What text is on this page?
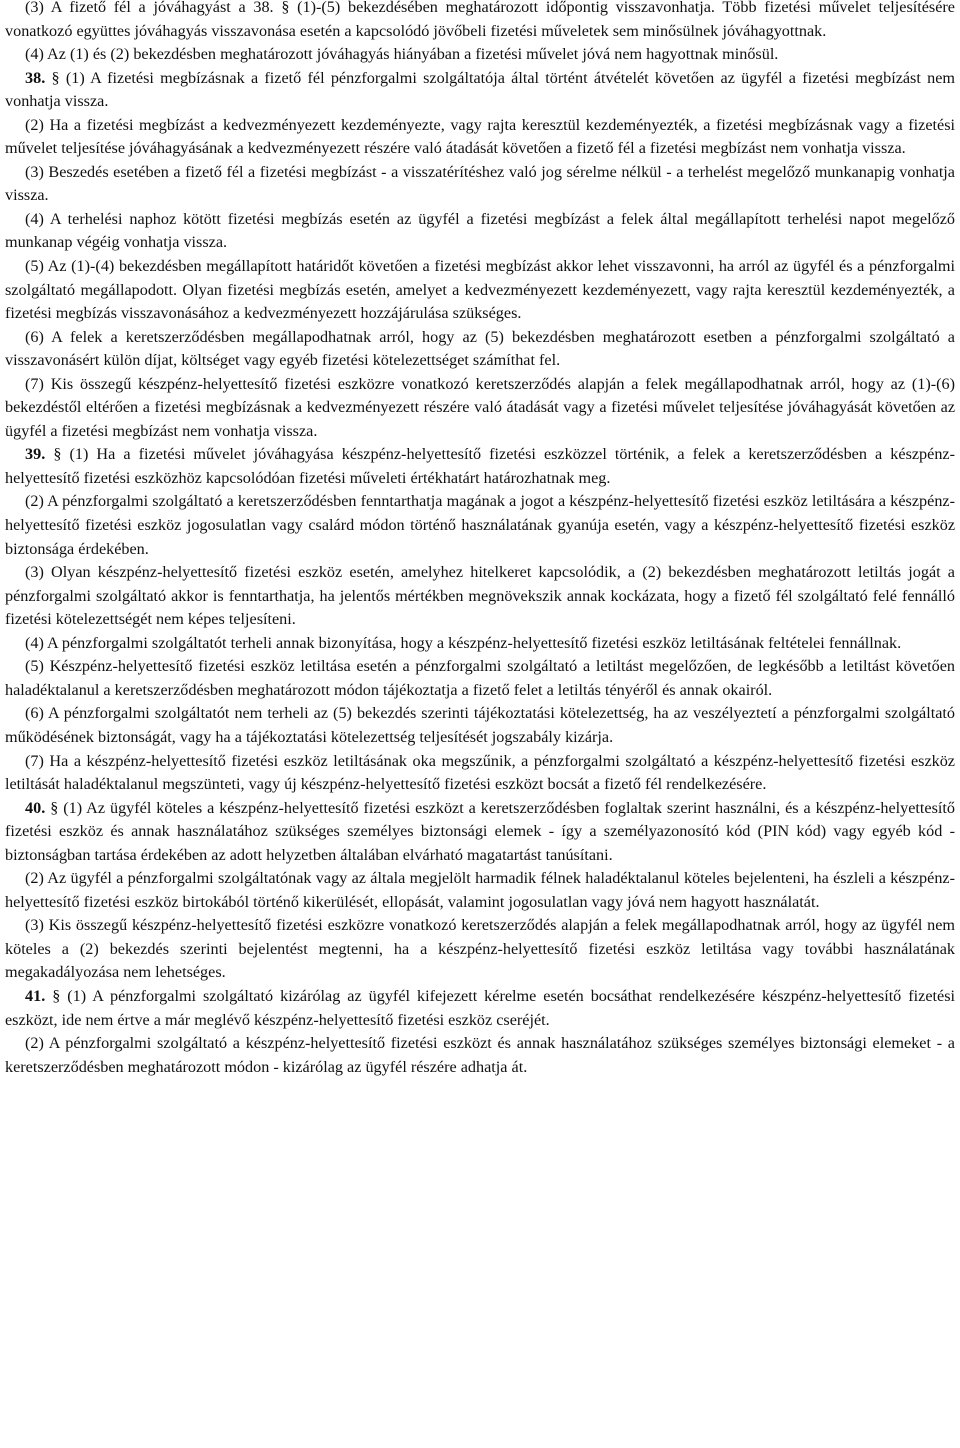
(3) A fizető fél a jóváhagyást a 38. § (1)-(5) bekezdésében meghatározott időpontig visszavonhatja. Több fizetési művelet teljesítésére vonatkozó együttes jóváhagyás visszavonása esetén a kapcsolódó jövőbeli fizetési műveletek sem minősülnek jóváhagyottnak.

(4) Az (1) és (2) bekezdésben meghatározott jóváhagyás hiányában a fizetési művelet jóvá nem hagyottnak minősül.

38. § (1) A fizetési megbízásnak a fizető fél pénzforgalmi szolgáltatója által történt átvételét követően az ügyfél a fizetési megbízást nem vonhatja vissza.

(2) Ha a fizetési megbízást a kedvezményezett kezdeményezte, vagy rajta keresztül kezdeményezték, a fizetési megbízásnak vagy a fizetési művelet teljesítése jóváhagyásának a kedvezményezett részére való átadását követően a fizető fél a fizetési megbízást nem vonhatja vissza.

(3) Beszedés esetében a fizető fél a fizetési megbízást - a visszatérítéshez való jog sérelme nélkül - a terhelést megelőző munkanapig vonhatja vissza.

(4) A terhelési naphoz kötött fizetési megbízás esetén az ügyfél a fizetési megbízást a felek által megállapított terhelési napot megelőző munkanap végéig vonhatja vissza.

(5) Az (1)-(4) bekezdésben megállapított határidőt követően a fizetési megbízást akkor lehet visszavonni, ha arról az ügyfél és a pénzforgalmi szolgáltató megállapodott. Olyan fizetési megbízás esetén, amelyet a kedvezményezett kezdeményezett, vagy rajta keresztül kezdeményezték, a fizetési megbízás visszavonásához a kedvezményezett hozzájárulása szükséges.

(6) A felek a keretszerződésben megállapodhatnak arról, hogy az (5) bekezdésben meghatározott esetben a pénzforgalmi szolgáltató a visszavonásért külön díjat, költséget vagy egyéb fizetési kötelezettséget számíthat fel.

(7) Kis összegű készpénz-helyettesítő fizetési eszközre vonatkozó keretszerződés alapján a felek megállapodhatnak arról, hogy az (1)-(6) bekezdéstől eltérően a fizetési megbízásnak a kedvezményezett részére való átadását vagy a fizetési művelet teljesítése jóváhagyását követően az ügyfél a fizetési megbízást nem vonhatja vissza.

39. § (1) Ha a fizetési művelet jóváhagyása készpénz-helyettesítő fizetési eszközzel történik, a felek a keretszerződésben a készpénz-helyettesítő fizetési eszközhöz kapcsolódóan fizetési műveleti értékhatárt határozhatnak meg.

(2) A pénzforgalmi szolgáltató a keretszerződésben fenntarthatja magának a jogot a készpénz-helyettesítő fizetési eszköz letiltására a készpénz-helyettesítő fizetési eszköz jogosulatlan vagy csalárd módon történő használatának gyanúja esetén, vagy a készpénz-helyettesítő fizetési eszköz biztonsága érdekében.

(3) Olyan készpénz-helyettesítő fizetési eszköz esetén, amelyhez hitelkeret kapcsolódik, a (2) bekezdésben meghatározott letiltás jogát a pénzforgalmi szolgáltató akkor is fenntarthatja, ha jelentős mértékben megnövekszik annak kockázata, hogy a fizető fél szolgáltató felé fennálló fizetési kötelezettségét nem képes teljesíteni.

(4) A pénzforgalmi szolgáltatót terheli annak bizonyítása, hogy a készpénz-helyettesítő fizetési eszköz letiltásának feltételei fennállnak.

(5) Készpénz-helyettesítő fizetési eszköz letiltása esetén a pénzforgalmi szolgáltató a letiltást megelőzően, de legkésőbb a letiltást követően haladéktalanul a keretszerződésben meghatározott módon tájékoztatja a fizető felet a letiltás tényéről és annak okairól.

(6) A pénzforgalmi szolgáltatót nem terheli az (5) bekezdés szerinti tájékoztatási kötelezettség, ha az veszélyeztetí a pénzforgalmi szolgáltató működésének biztonságát, vagy ha a tájékoztatási kötelezettség teljesítését jogszabály kizárja.

(7) Ha a készpénz-helyettesítő fizetési eszköz letiltásának oka megszűnik, a pénzforgalmi szolgáltató a készpénz-helyettesítő fizetési eszköz letiltását haladéktalanul megszünteti, vagy új készpénz-helyettesítő fizetési eszközt bocsát a fizető fél rendelkezésére.

40. § (1) Az ügyfél köteles a készpénz-helyettesítő fizetési eszközt a keretszerződésben foglaltak szerint használni, és a készpénz-helyettesítő fizetési eszköz és annak használatához szükséges személyes biztonsági elemek - így a személyazonosító kód (PIN kód) vagy egyéb kód - biztonságban tartása érdekében az adott helyzetben általában elvárható magatartást tanúsítani.

(2) Az ügyfél a pénzforgalmi szolgáltatónak vagy az általa megjelölt harmadik félnek haladéktalanul köteles bejelenteni, ha észleli a készpénz-helyettesítő fizetési eszköz birtokából történő kikerülését, ellopását, valamint jogosulatlan vagy jóvá nem hagyott használatát.

(3) Kis összegű készpénz-helyettesítő fizetési eszközre vonatkozó keretszerződés alapján a felek megállapodhatnak arról, hogy az ügyfél nem köteles a (2) bekezdés szerinti bejelentést megtenni, ha a készpénz-helyettesítő fizetési eszköz letiltása vagy további használatának megakadályozása nem lehetséges.

41. § (1) A pénzforgalmi szolgáltató kizárólag az ügyfél kifejezett kérelme esetén bocsáthat rendelkezésére készpénz-helyettesítő fizetési eszközt, ide nem értve a már meglévő készpénz-helyettesítő fizetési eszköz cseréjét.

(2) A pénzforgalmi szolgáltató a készpénz-helyettesítő fizetési eszközt és annak használatához szükséges személyes biztonsági elemeket - a keretszerződésben meghatározott módon - kizárólag az ügyfél részére adhatja át.
